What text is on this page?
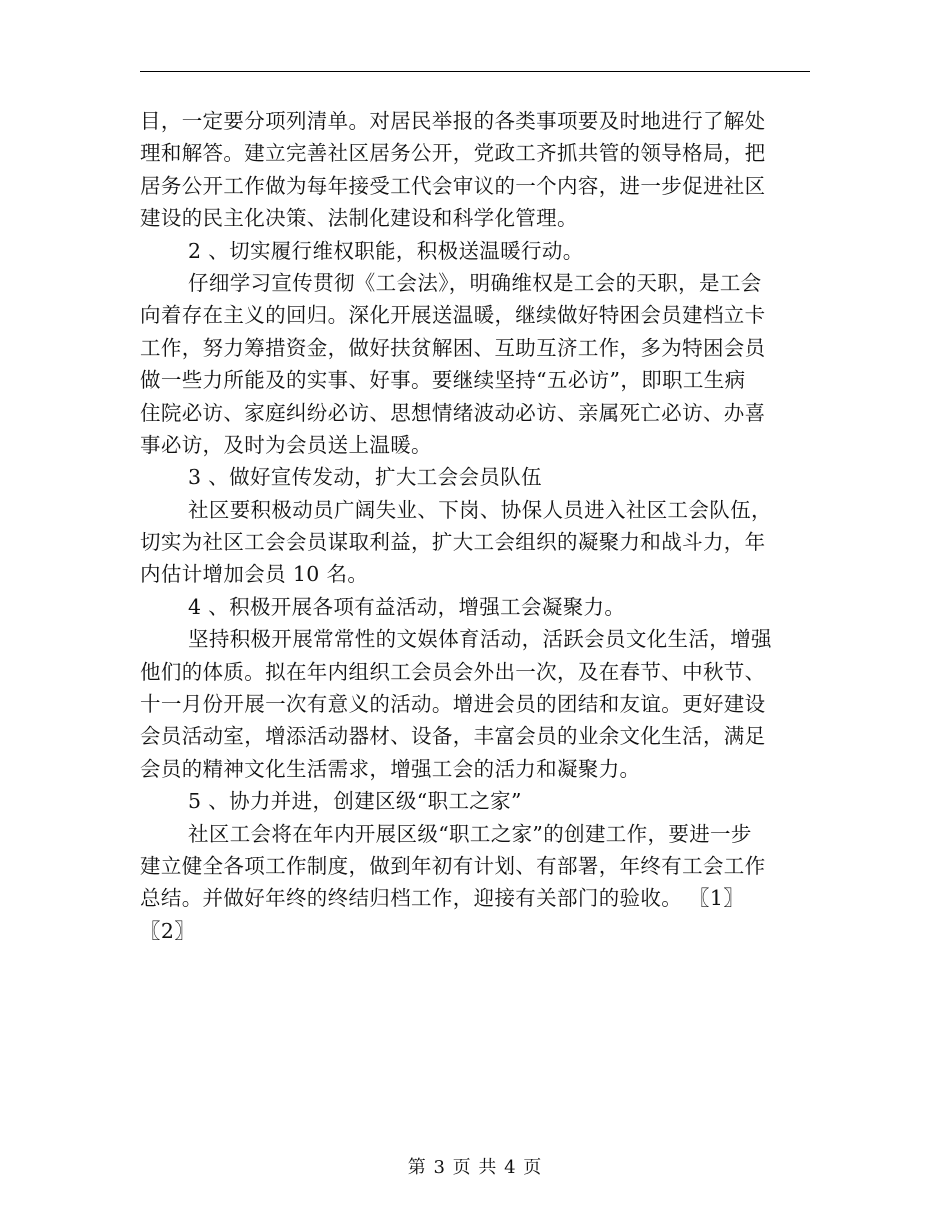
目，一定要分项列清单。对居民举报的各类事项要及时地进行了解处
理和解答。建立完善社区居务公开，党政工齐抓共管的领导格局，把
居务公开工作做为每年接受工代会审议的一个内容，进一步促进社区
建设的民主化决策、法制化建设和科学化管理。
2 、切实履行维权职能，积极送温暖行动。
仔细学习宣传贯彻《工会法》，明确维权是工会的天职，是工会
向着存在主义的回归。深化开展送温暖，继续做好特困会员建档立卡
工作，努力筹措资金，做好扶贫解困、互助互济工作，多为特困会员
做一些力所能及的实事、好事。要继续坚持“五必访”，即职工生病
住院必访、家庭纠纷必访、思想情绪波动必访、亲属死亡必访、办喜
事必访，及时为会员送上温暖。
3 、做好宣传发动，扩大工会会员队伍
社区要积极动员广阔失业、下岗、协保人员进入社区工会队伍，
切实为社区工会会员谋取利益，扩大工会组织的凝聚力和战斗力，年
内估计增加会员 10 名。
4 、积极开展各项有益活动，增强工会凝聚力。
坚持积极开展常常性的文娱体育活动，活跃会员文化生活，增强
他们的体质。拟在年内组织工会员会外出一次，及在春节、中秋节、
十一月份开展一次有意义的活动。增进会员的团结和友谊。更好建设
会员活动室，增添活动器材、设备，丰富会员的业余文化生活，满足
会员的精神文化生活需求，增强工会的活力和凝聚力。
5 、协力并进，创建区级“职工之家”
社区工会将在年内开展区级“职工之家”的创建工作，要进一步
建立健全各项工作制度，做到年初有计划、有部署，年终有工会工作
总结。并做好年终的终结归档工作，迎接有关部门的验收。 〖1〗
〖2〗
第 3 页 共 4 页
